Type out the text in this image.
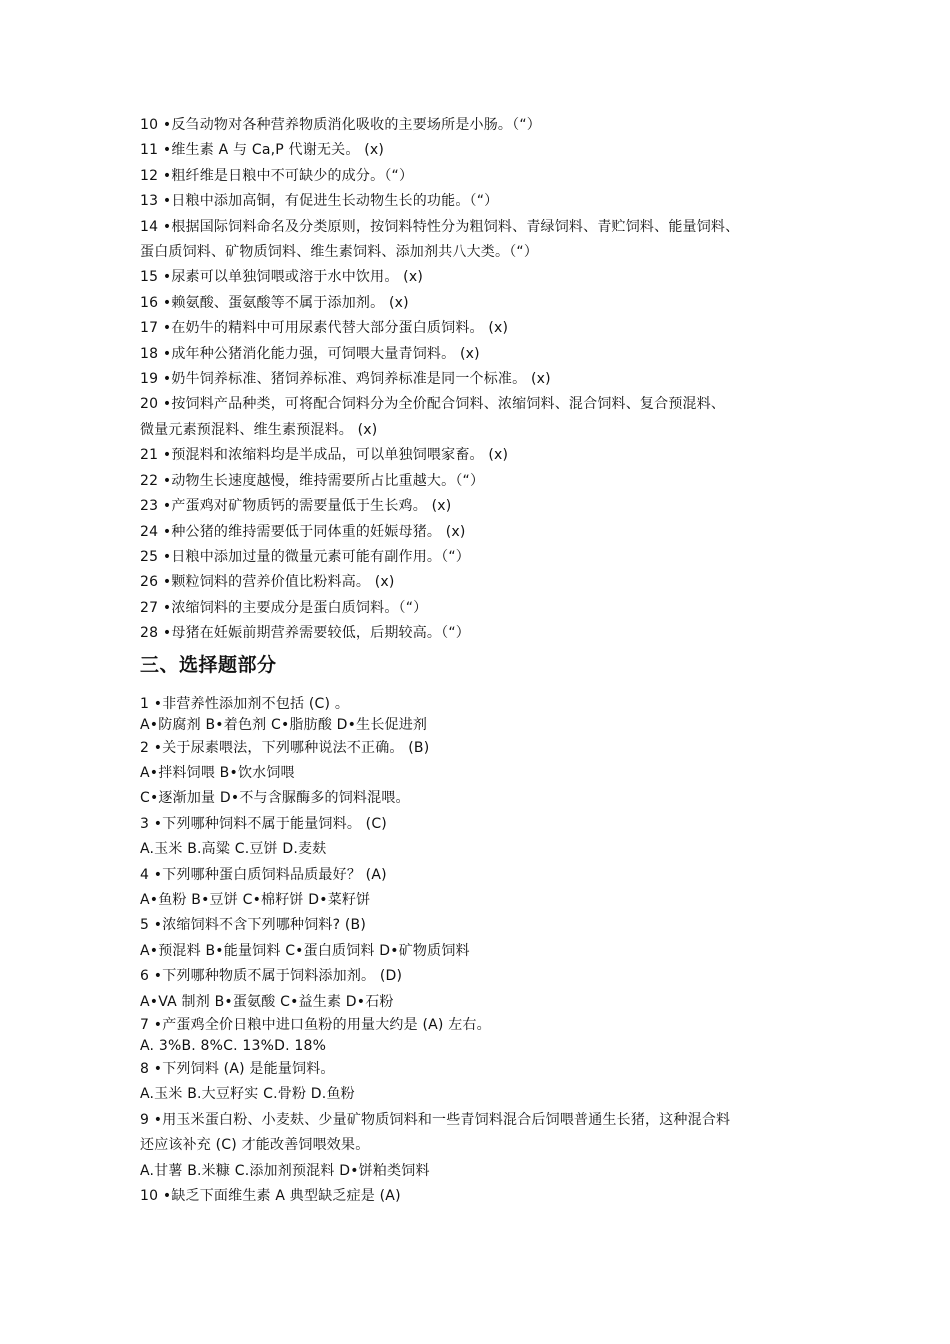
10 •反刍动物对各种营养物质消化吸收的主要场所是小肠。（“）
11 •维生素 A 与 Ca,P 代谢无关。 (x)
12 •粗纤维是日粮中不可缺少的成分。（“）
13 •日粮中添加高铜，有促进生长动物生长的功能。（“）
14 •根据国际饲料命名及分类原则，按饲料特性分为粗饲料、青绿饲料、青贮饲料、能量饲料、
蛋白质饲料、矿物质饲料、维生素饲料、添加剂共八大类。（“）
15 •尿素可以单独饲喂或溶于水中饮用。 (x)
16 •赖氨酸、蛋氨酸等不属于添加剂。 (x)
17 •在奶牛的精料中可用尿素代替大部分蛋白质饲料。 (x)
18 •成年种公猪消化能力强，可饲喂大量青饲料。 (x)
19 •奶牛饲养标准、猪饲养标准、鸡饲养标准是同一个标准。 (x)
20 •按饲料产品种类，可将配合饲料分为全价配合饲料、浓缩饲料、混合饲料、复合预混料、
微量元素预混料、维生素预混料。 (x)
21 •预混料和浓缩料均是半成品，可以单独饲喂家畜。 (x)
22 •动物生长速度越慢，维持需要所占比重越大。（“）
23 •产蛋鸡对矿物质钙的需要量低于生长鸡。 (x)
24 •种公猪的维持需要低于同体重的妊娠母猪。 (x)
25 •日粮中添加过量的微量元素可能有副作用。（“）
26 •颗粒饲料的营养价值比粉料高。 (x)
27 •浓缩饲料的主要成分是蛋白质饲料。（“）
28 •母猪在妊娠前期营养需要较低，后期较高。（“）
三、选择题部分
1 •非营养性添加剂不包括 (C) 。
A•防腐剂 B•着色剂 C•脂肪酸 D•生长促进剂
2 •关于尿素喂法，下列哪种说法不正确。 (B)
A•拌料饲喂 B•饮水饲喂
C•逐渐加量 D•不与含脲酶多的饲料混喂。
3 •下列哪种饲料不属于能量饲料。 (C)
A.玉米 B.高粱 C.豆饼 D.麦麸
4 •下列哪种蛋白质饲料品质最好？ (A)
A•鱼粉 B•豆饼 C•棉籽饼 D•菜籽饼
5 •浓缩饲料不含下列哪种饲料? (B)
A•预混料 B•能量饲料 C•蛋白质饲料 D•矿物质饲料
6 •下列哪种物质不属于饲料添加剂。 (D)
A•VA 制剂 B•蛋氨酸 C•益生素 D•石粉
7 •产蛋鸡全价日粮中进口鱼粉的用量大约是 (A) 左右。
A. 3%B. 8%C. 13%D. 18%
8 •下列饲料 (A) 是能量饲料。
A.玉米 B.大豆籽实 C.骨粉 D.鱼粉
9 •用玉米蛋白粉、小麦麸、少量矿物质饲料和一些青饲料混合后饲喂普通生长猪，这种混合料
还应该补充 (C) 才能改善饲喂效果。
A.甘薯 B.米糠 C.添加剂预混料 D•饼粕类饲料
10 •缺乏下面维生素 A 典型缺乏症是 (A)
